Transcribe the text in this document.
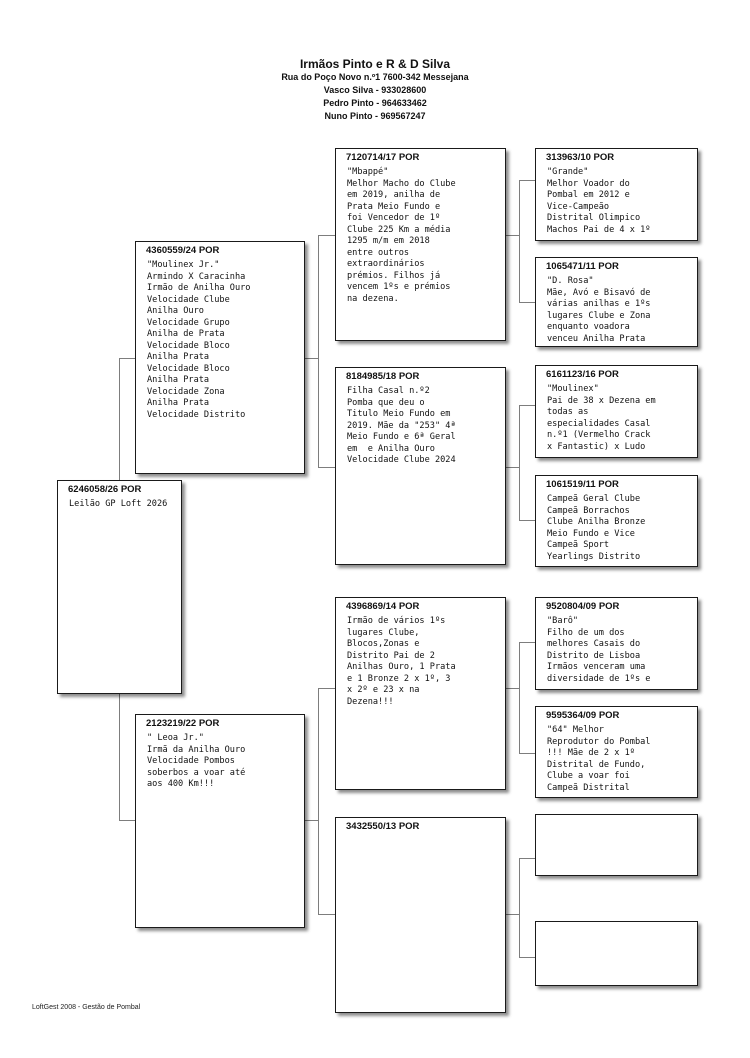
Irmãos Pinto e R & D Silva
Rua do Poço Novo n.º1 7600-342 Messejana
Vasco Silva - 933028600
Pedro Pinto - 964633462
Nuno Pinto - 969567247
6246058/26 POR
Leilão GP Loft 2026
4360559/24 POR
"Moulinex Jr."
Armindo X Caracinha
Irmão de Anilha Ouro
Velocidade Clube
Anilha Ouro
Velocidade Grupo
Anilha de Prata
Velocidade Bloco
Anilha Prata
Velocidade Bloco
Anilha Prata
Velocidade Zona
Anilha Prata
Velocidade Distrito
2123219/22 POR
" Leoa Jr."
Irmã da Anilha Ouro
Velocidade Pombos
soberbos a voar até
aos 400 Km!!!
7120714/17 POR
"Mbappé"
Melhor Macho do Clube
em 2019, anilha de
Prata Meio Fundo e
foi Vencedor de 1º
Clube 225 Km a média
1295 m/m em 2018
entre outros
extraordinários
prémios. Filhos já
vencem 1ºs e prémios
na dezena.
8184985/18 POR
Filha Casal n.º2
Pomba que deu o
Titulo Meio Fundo em
2019. Mãe da "253" 4ª
Meio Fundo e 6ª Geral
em  e Anilha Ouro
Velocidade Clube 2024
4396869/14 POR
Irmão de vários 1ºs
lugares Clube,
Blocos,Zonas e
Distrito Pai de 2
Anilhas Ouro, 1 Prata
e 1 Bronze 2 x 1º, 3
x 2º e 23 x na
Dezena!!!
3432550/13 POR
313963/10 POR
"Grande"
Melhor Voador do
Pombal em 2012 e
Vice-Campeão
Distrital Olimpico
Machos Pai de 4 x 1º
1065471/11 POR
"D. Rosa"
Mãe, Avó e Bisavó de
várias anilhas e 1ºs
lugares Clube e Zona
enquanto voadora
venceu Anilha Prata
6161123/16 POR
"Moulinex"
Pai de 38 x Dezena em
todas as
especialidades Casal
n.º1 (Vermelho Crack
x Fantastic) x Ludo
1061519/11 POR
Campeã Geral Clube
Campeã Borrachos
Clube Anilha Bronze
Meio Fundo e Vice
Campeã Sport
Yearlings Distrito
9520804/09 POR
"Barô"
Filho de um dos
melhores Casais do
Distrito de Lisboa
Irmãos venceram uma
diversidade de 1ºs e
9595364/09 POR
"64" Melhor
Reprodutor do Pombal
!!! Mãe de 2 x 1º
Distrital de Fundo,
Clube a voar foi
Campeã Distrital
LoftGest 2008 - Gestão de Pombal
